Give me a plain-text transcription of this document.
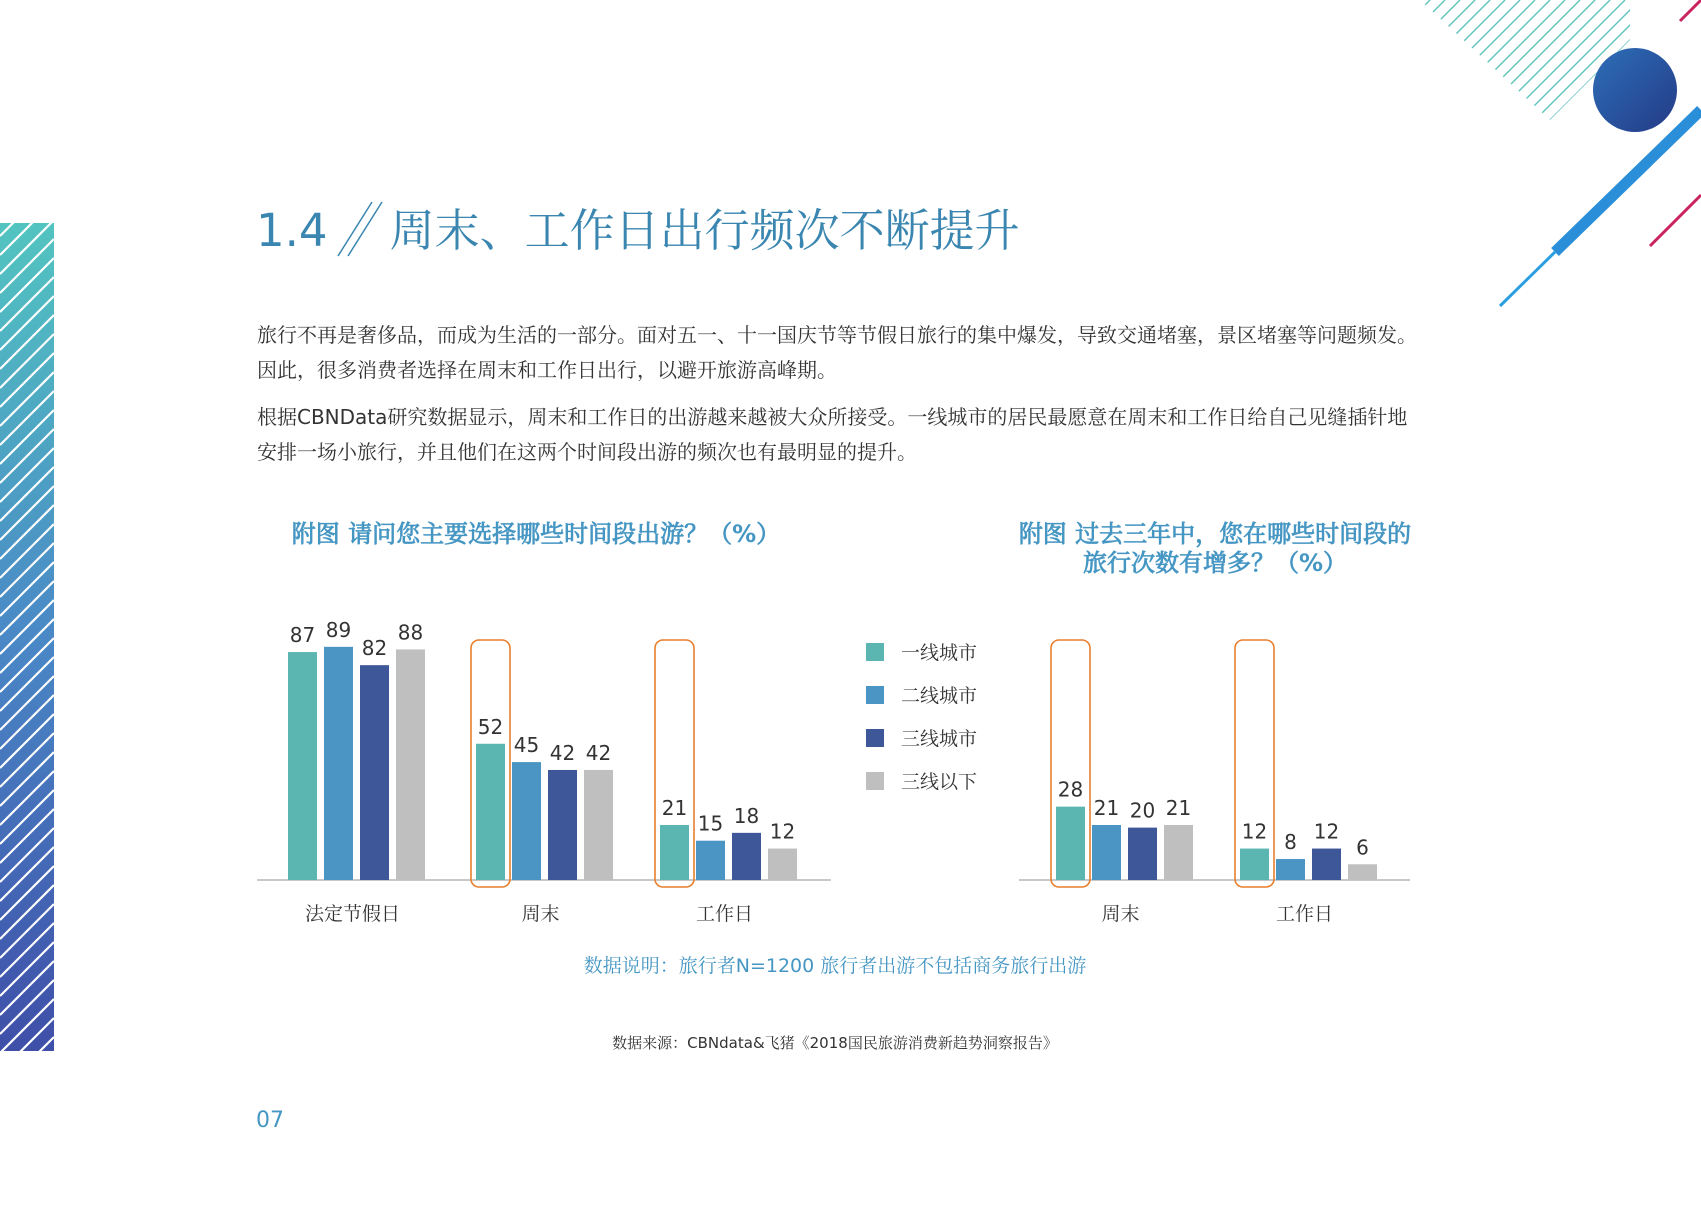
1.4 周末、工作日出行频次不断提升
旅行不再是奢侈品，而成为生活的一部分。面对五一、十一国庆节等节假日旅行的集中爆发，导致交通堵塞，景区堵塞等问题频发。因此，很多消费者选择在周末和工作日出行，以避开旅游高峰期。
根据CBNData研究数据显示，周末和工作日的出游越来越被大众所接受。一线城市的居民最愿意在周末和工作日给自己见缝插针地安排一场小旅行，并且他们在这两个时间段出游的频次也有最明显的提升。
附图 请问您主要选择哪些时间段出游？（%）	附图 过去三年中，您在哪些时间段的
旅行次数有增多？（%）
87 89
82
88
法定节假日
52
45 42 42
周末
21
15 18
12
工作日
28
21 20 21
周末
12 8 12
6
工作日
一线城市
二线城市
三线城市
三线以下
数据说明：旅行者N=1200 旅行者出游不包括商务旅行出游
数据来源：CBNdata&飞猪《2018国民旅游消费新趋势洞察报告》
07
